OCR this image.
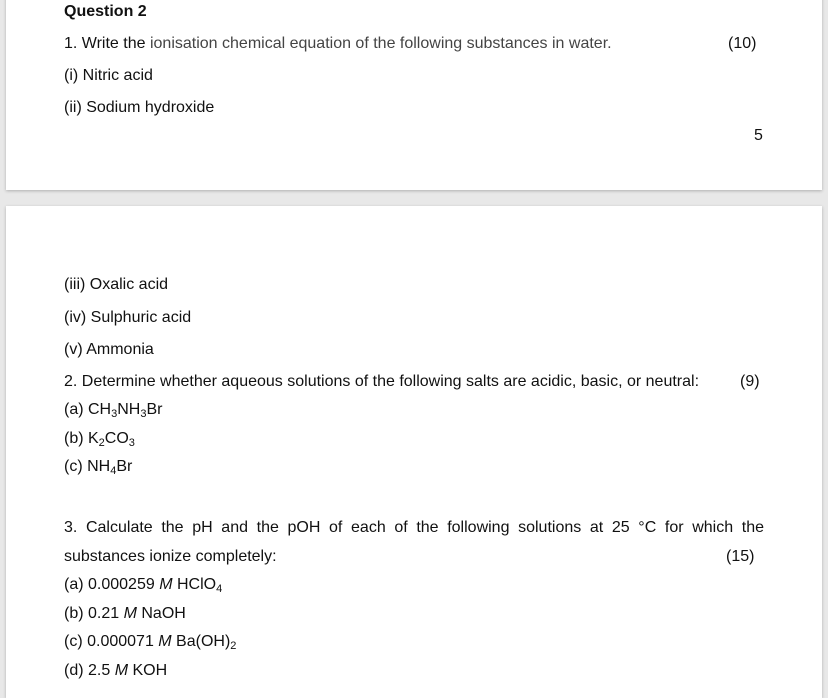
Question 2
1. Write the ionisation chemical equation of the following substances in water.	(10)
(i) Nitric acid
(ii) Sodium hydroxide
5
(iii) Oxalic acid
(iv) Sulphuric acid
(v) Ammonia
2. Determine whether aqueous solutions of the following salts are acidic, basic, or neutral:	(9)
(a) $CH_3NH_3Br$
(b) $K_2CO_3$
(c) $NH_4Br$
3. Calculate the pH and the pOH of each of the following solutions at 25 °C for which the
substances ionize completely:	(15)
(a) 0.000259 M HClO$_4$
(b) 0.21 M NaOH
(c) 0.000071 M $Ba(OH)_2$
(d) 2.5 M KOH
